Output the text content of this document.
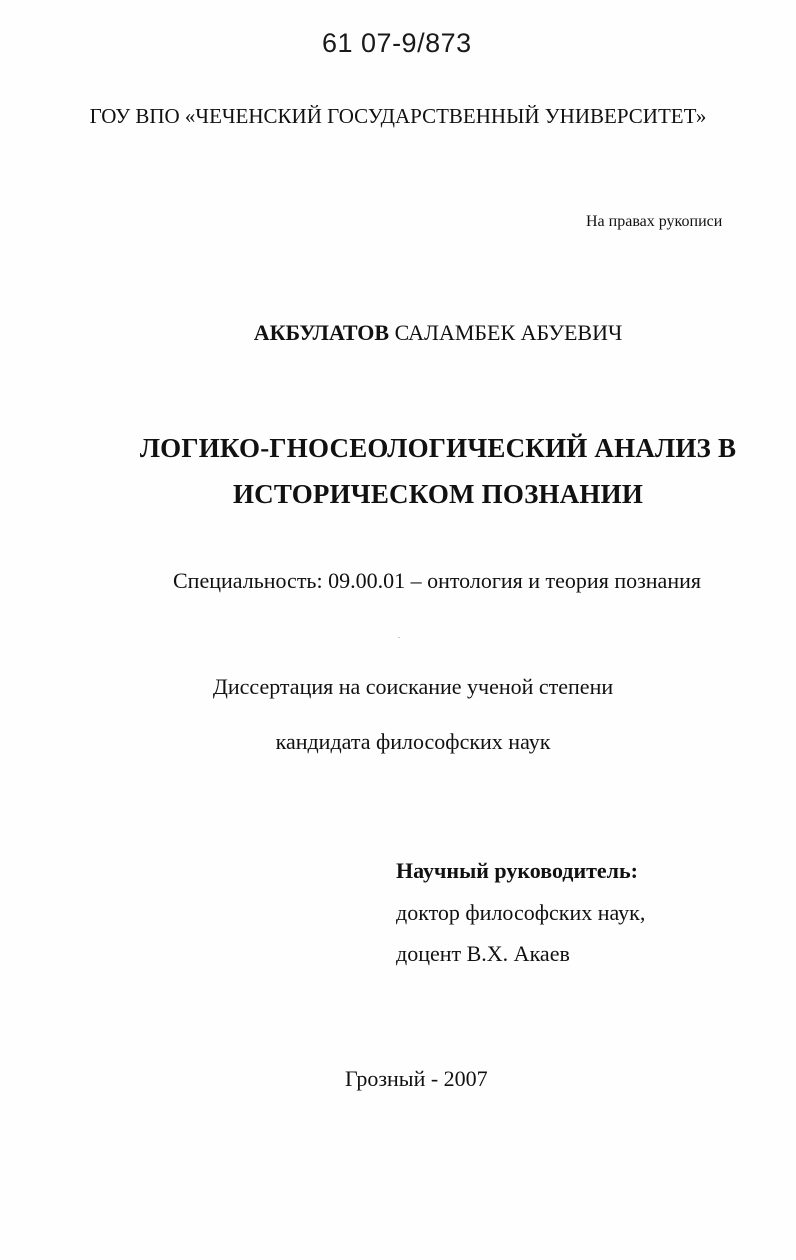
61 07-9/873
ГОУ ВПО «ЧЕЧЕНСКИЙ ГОСУДАРСТВЕННЫЙ УНИВЕРСИТЕТ»
На правах рукописи
АКБУЛАТОВ САЛАМБЕК АБУЕВИЧ
ЛОГИКО-ГНОСЕОЛОГИЧЕСКИЙ АНАЛИЗ В
ИСТОРИЧЕСКОМ ПОЗНАНИИ
Специальность: 09.00.01 – онтология и теория познания
Диссертация на соискание ученой степени
кандидата философских наук
Научный руководитель:
доктор философских наук,
доцент В.Х. Акаев
Грозный - 2007
